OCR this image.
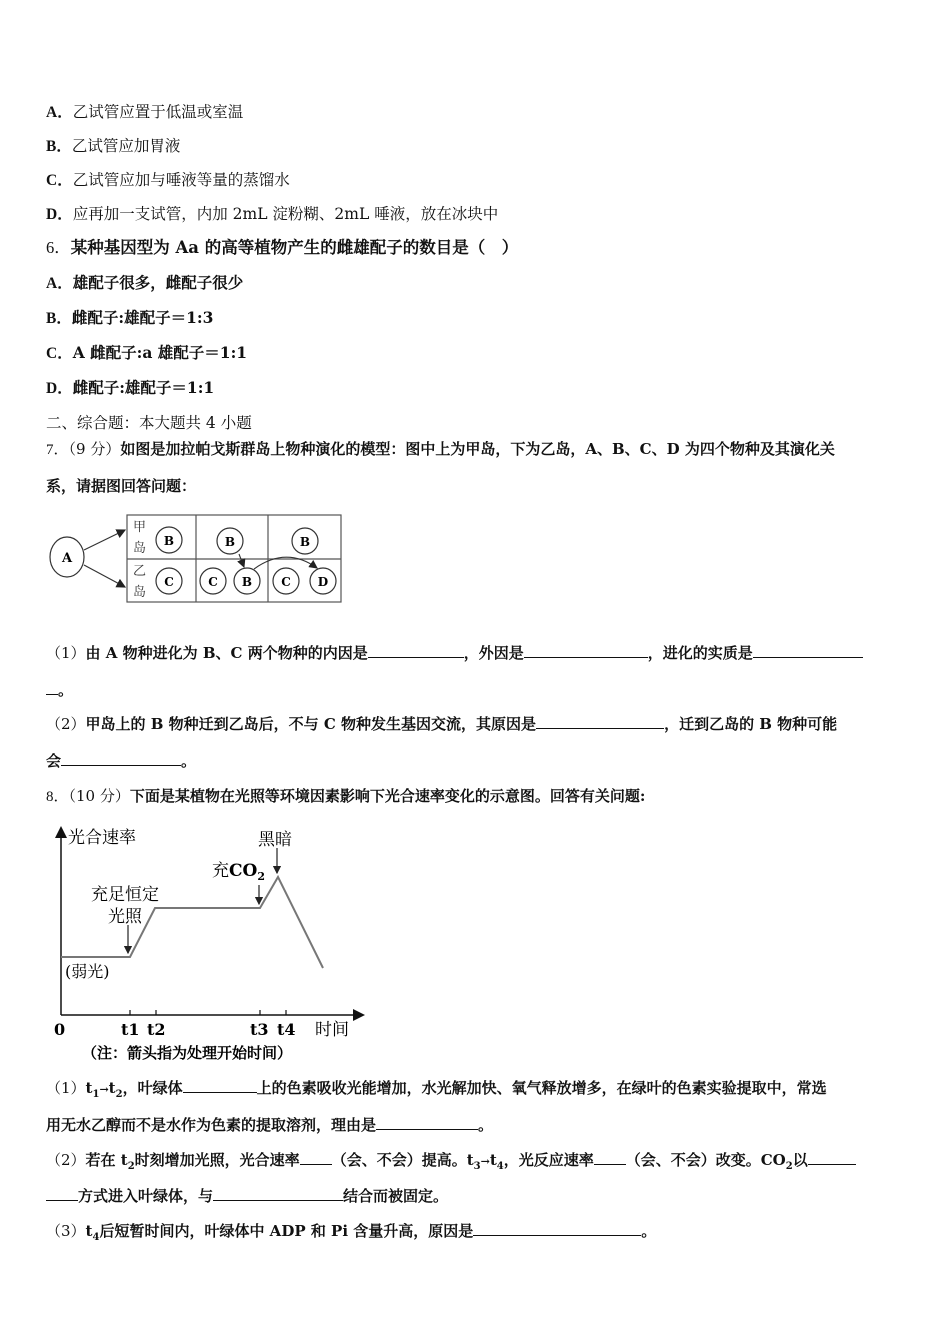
A．乙试管应置于低温或室温
B．乙试管应加胃液
C．乙试管应加与唾液等量的蒸馏水
D．应再加一支试管，内加 2mL 淀粉糊、2mL 唾液，放在冰块中
6．某种基因型为 Aa 的高等植物产生的雌雄配子的数目是（　）
A．雄配子很多，雌配子很少
B．雌配子:雄配子＝1:3
C．A 雌配子:a 雄配子＝1:1
D．雌配子:雄配子＝1:1
二、综合题：本大题共 4 小题
7．（9 分）如图是加拉帕戈斯群岛上物种演化的模型：图中上为甲岛，下为乙岛，A、B、C、D 为四个物种及其演化关
系，请据图回答问题：
A
甲
岛
乙
岛
B	B	B
C	C B C D
（1）由 A 物种进化为 B、C 两个物种的内因是	，外因是	，进化的实质是
。
（2）甲岛上的 B 物种迁到乙岛后，不与 C 物种发生基因交流，其原因是	，迁到乙岛的 B 物种可能
会	。
8．（10 分）下面是某植物在光照等环境因素影响下光合速率变化的示意图。回答有关问题:
光合速率
0	t1 t2	t3 t4 时间
(弱光)
充足恒定
光照
充$CO_2$
黑暗
（注：箭头指为处理开始时间）
$(1)t_1\to t_2$，叶绿体	上的色素吸收光能增加，水光解加快、氧气释放增多，在绿叶的色素实验提取中，常选
用无水乙醇而不是水作为色素的提取溶剂，理由是	。
（2）若在 $t_2$时刻增加光照，光合速率 （会、不会）提高。$t_3\to t_4$，光反应速率 （会、不会）改变。$CO_2$以
方式进入叶绿体，与	结合而被固定。
$(3)t_4$后短暂时间内，叶绿体中 ADP 和 Pi 含量升高，原因是	。
